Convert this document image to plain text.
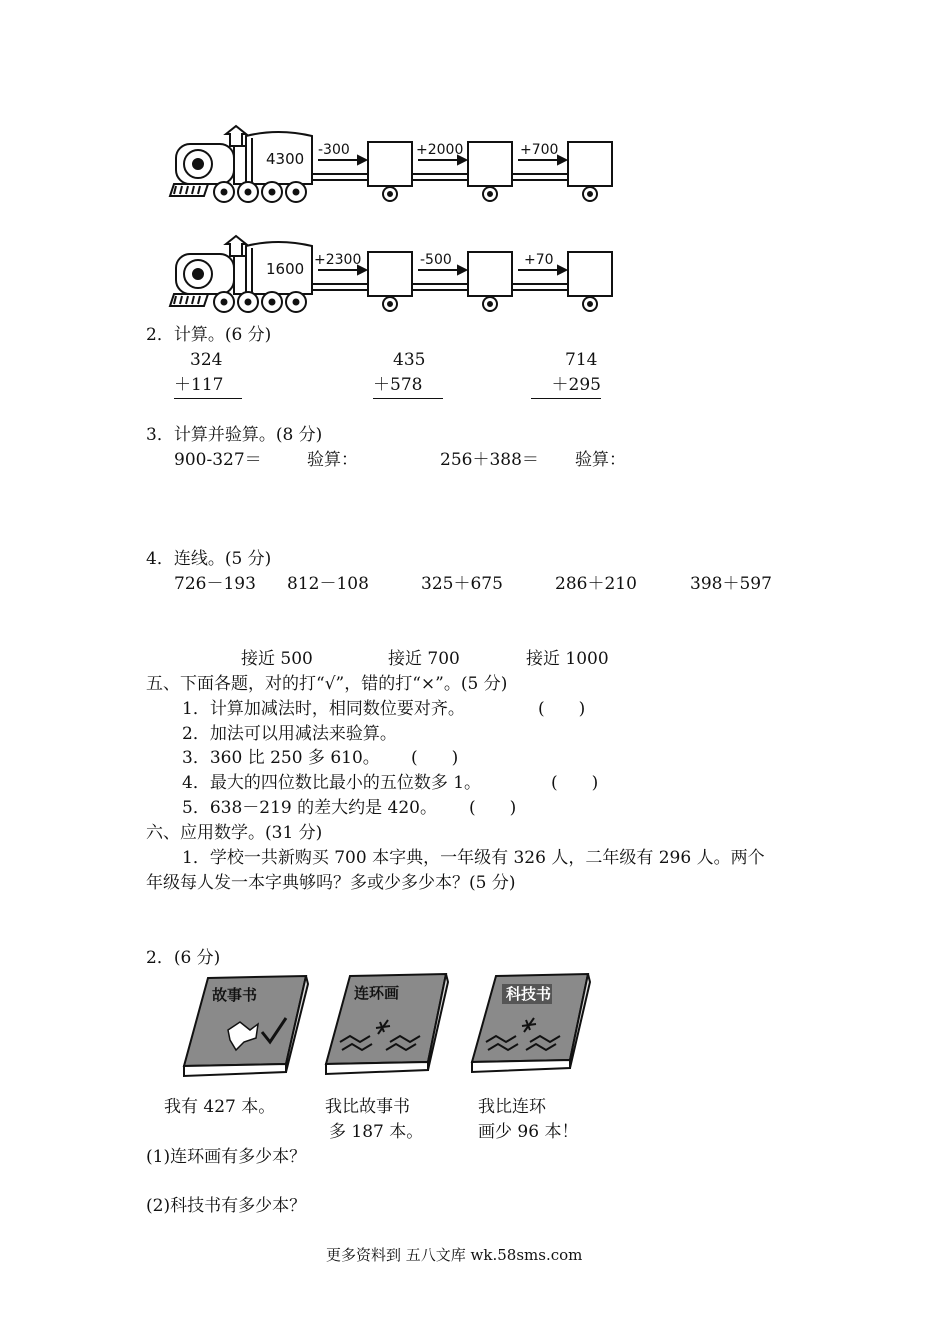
4300 -300	+2000	+700
1600 +2300	-500	+70
2．计算。(6 分)
324
＋117
435
＋578
714
＋295
3．计算并验算。(8 分)
900-327＝	验算：	256＋388＝ 验算：
4．连线。(5 分)
726－193 812－108	325＋675	286＋210	398＋597
接近 500	接近 700	接近 1000
五、下面各题，对的打“√”，错的打“×”。(5 分)
1．计算加减法时，相同数位要对齐。	(　　)
2．加法可以用减法来验算。
3．360 比 250 多 610。 (　　)
4．最大的四位数比最小的五位数多 1。	(　　)
5．638－219 的差大约是 420。 (　　)
六、应用数学。(31 分)
1．学校一共新购买 700 本字典，一年级有 326 人，二年级有 296 人。两个
年级每人发一本字典够吗？多或少多少本？(5 分)
2．(6 分)
故事书	连环画	科技书
我有 427 本。	我比故事书
多 187 本。
我比连环
画少 96 本！
(1)连环画有多少本？
(2)科技书有多少本？
更多资料到 五八文库 wk.58sms.com
